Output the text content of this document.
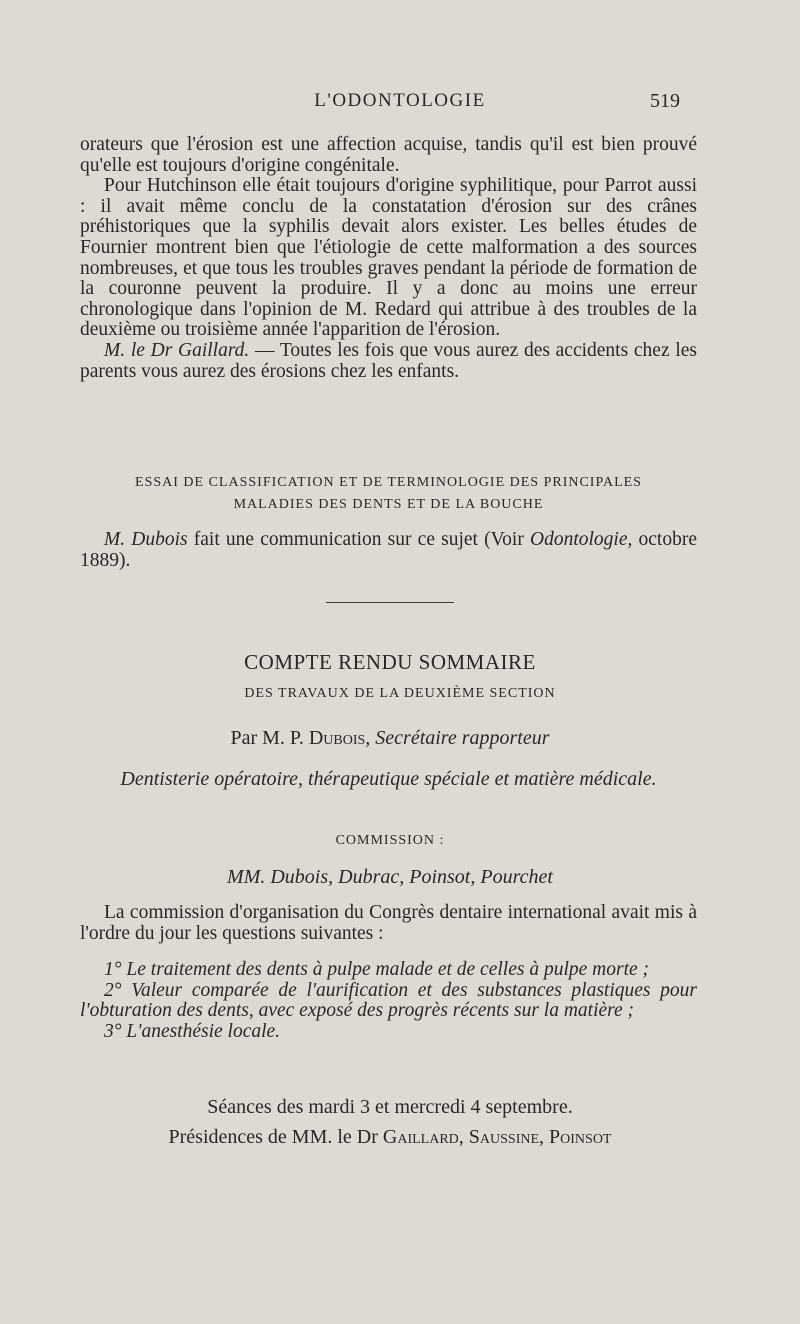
L'ODONTOLOGIE	519

orateurs que l'érosion est une affection acquise, tandis qu'il est bien prouvé qu'elle est toujours d'origine congénitale.

Pour Hutchinson elle était toujours d'origine syphilitique, pour Parrot aussi : il avait même conclu de la constatation d'érosion sur des crânes préhistoriques que la syphilis devait alors exister. Les belles études de Fournier montrent bien que l'étiologie de cette malformation a des sources nombreuses, et que tous les troubles graves pendant la période de formation de la couronne peuvent la produire. Il y a donc au moins une erreur chronologique dans l'opinion de M. Redard qui attribue à des troubles de la deuxième ou troisième année l'apparition de l'érosion.

M. le Dr Gaillard. — Toutes les fois que vous aurez des accidents chez les parents vous aurez des érosions chez les enfants.

ESSAI DE CLASSIFICATION ET DE TERMINOLOGIE DES PRINCIPALES
MALADIES DES DENTS ET DE LA BOUCHE

M. Dubois fait une communication sur ce sujet (Voir Odontologie, octobre 1889).

COMPTE RENDU SOMMAIRE
DES TRAVAUX DE LA DEUXIÈME SECTION
Par M. P. Dubois, Secrétaire rapporteur
Dentisterie opératoire, thérapeutique spéciale et matière médicale.
COMMISSION :
MM. Dubois, Dubrac, Poinsot, Pourchet

La commission d'organisation du Congrès dentaire international avait mis à l'ordre du jour les questions suivantes :

1° Le traitement des dents à pulpe malade et de celles à pulpe morte ;

2° Valeur comparée de l'aurification et des substances plastiques pour l'obturation des dents, avec exposé des progrès récents sur la matière ;

3° L'anesthésie locale.

Séances des mardi 3 et mercredi 4 septembre.
Présidences de MM. le Dr Gaillard, Saussine, Poinsot
